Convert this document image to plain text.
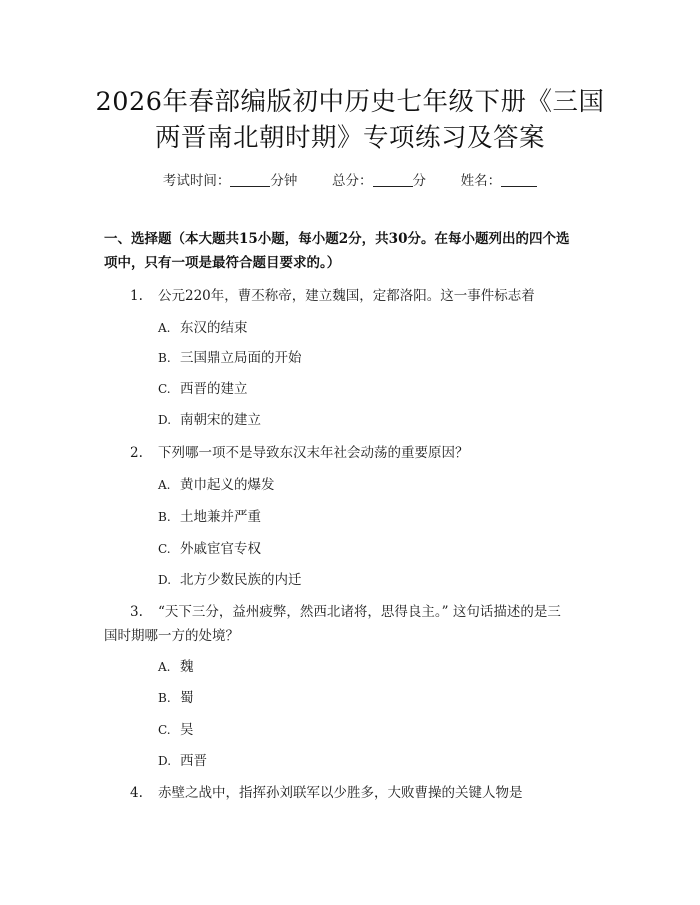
2026年春部编版初中历史七年级下册《三国
两晋南北朝时期》专项练习及答案
考试时间：	分钟	总分：	分	姓名：
一、选择题（本大题共15小题，每小题2分，共30分。在每小题列出的四个选
项中，只有一项是最符合题目要求的。）
1. 公元220年，曹丕称帝，建立魏国，定都洛阳。这一事件标志着
A. 东汉的结束
B. 三国鼎立局面的开始
C. 西晋的建立
D. 南朝宋的建立
2. 下列哪一项不是导致东汉末年社会动荡的重要原因？
A. 黄巾起义的爆发
B. 土地兼并严重
C. 外戚宦官专权
D. 北方少数民族的内迁
3. “天下三分，益州疲弊，然西北诸将，思得良主。” 这句话描述的是三
国时期哪一方的处境？
A. 魏
B. 蜀
C. 吴
D. 西晋
4. 赤壁之战中，指挥孙刘联军以少胜多，大败曹操的关键人物是
